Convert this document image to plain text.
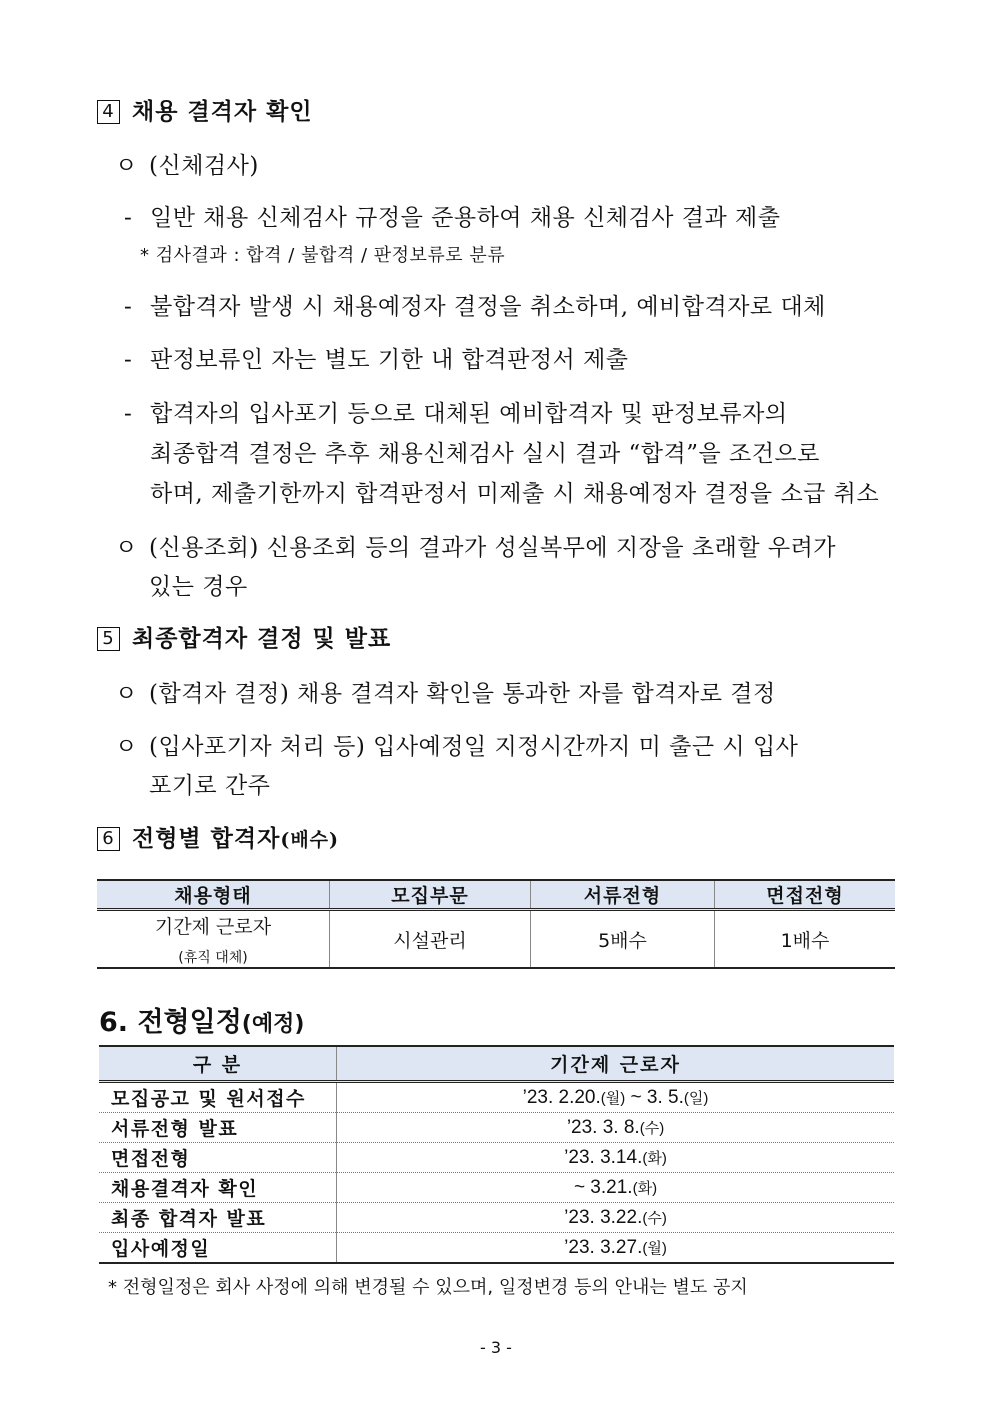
4 채용 결격자 확인
ㅇ (신체검사)
- 일반 채용 신체검사 규정을 준용하여 채용 신체검사 결과 제출
* 검사결과 : 합격 / 불합격 / 판정보류로 분류
- 불합격자 발생 시 채용예정자 결정을 취소하며, 예비합격자로 대체
- 판정보류인 자는 별도 기한 내 합격판정서 제출
- 합격자의 입사포기 등으로 대체된 예비합격자 및 판정보류자의
최종합격 결정은 추후 채용신체검사 실시 결과 “합격”을 조건으로
하며, 제출기한까지 합격판정서 미제출 시 채용예정자 결정을 소급 취소
ㅇ (신용조회) 신용조회 등의 결과가 성실복무에 지장을 초래할 우려가
있는 경우
5 최종합격자 결정 및 발표
ㅇ (합격자 결정) 채용 결격자 확인을 통과한 자를 합격자로 결정
ㅇ (입사포기자 처리 등) 입사예정일 지정시간까지 미 출근 시 입사
포기로 간주
6 전형별 합격자(배수)
채용형태	모집부문	서류전형	면접전형
기간제 근로자
(휴직 대체)	시설관리	5배수	1배수
6. 전형일정(예정)
구 분	기간제 근로자
모집공고 및 원서접수	’23. 2.20.(월) ~ 3. 5.(일)
서류전형 발표	’23. 3. 8.(수)
면접전형	’23. 3.14.(화)
채용결격자 확인	~ 3.21.(화)
최종 합격자 발표	’23. 3.22.(수)
입사예정일	’23. 3.27.(월)
* 전형일정은 회사 사정에 의해 변경될 수 있으며, 일정변경 등의 안내는 별도 공지
- 3 -
